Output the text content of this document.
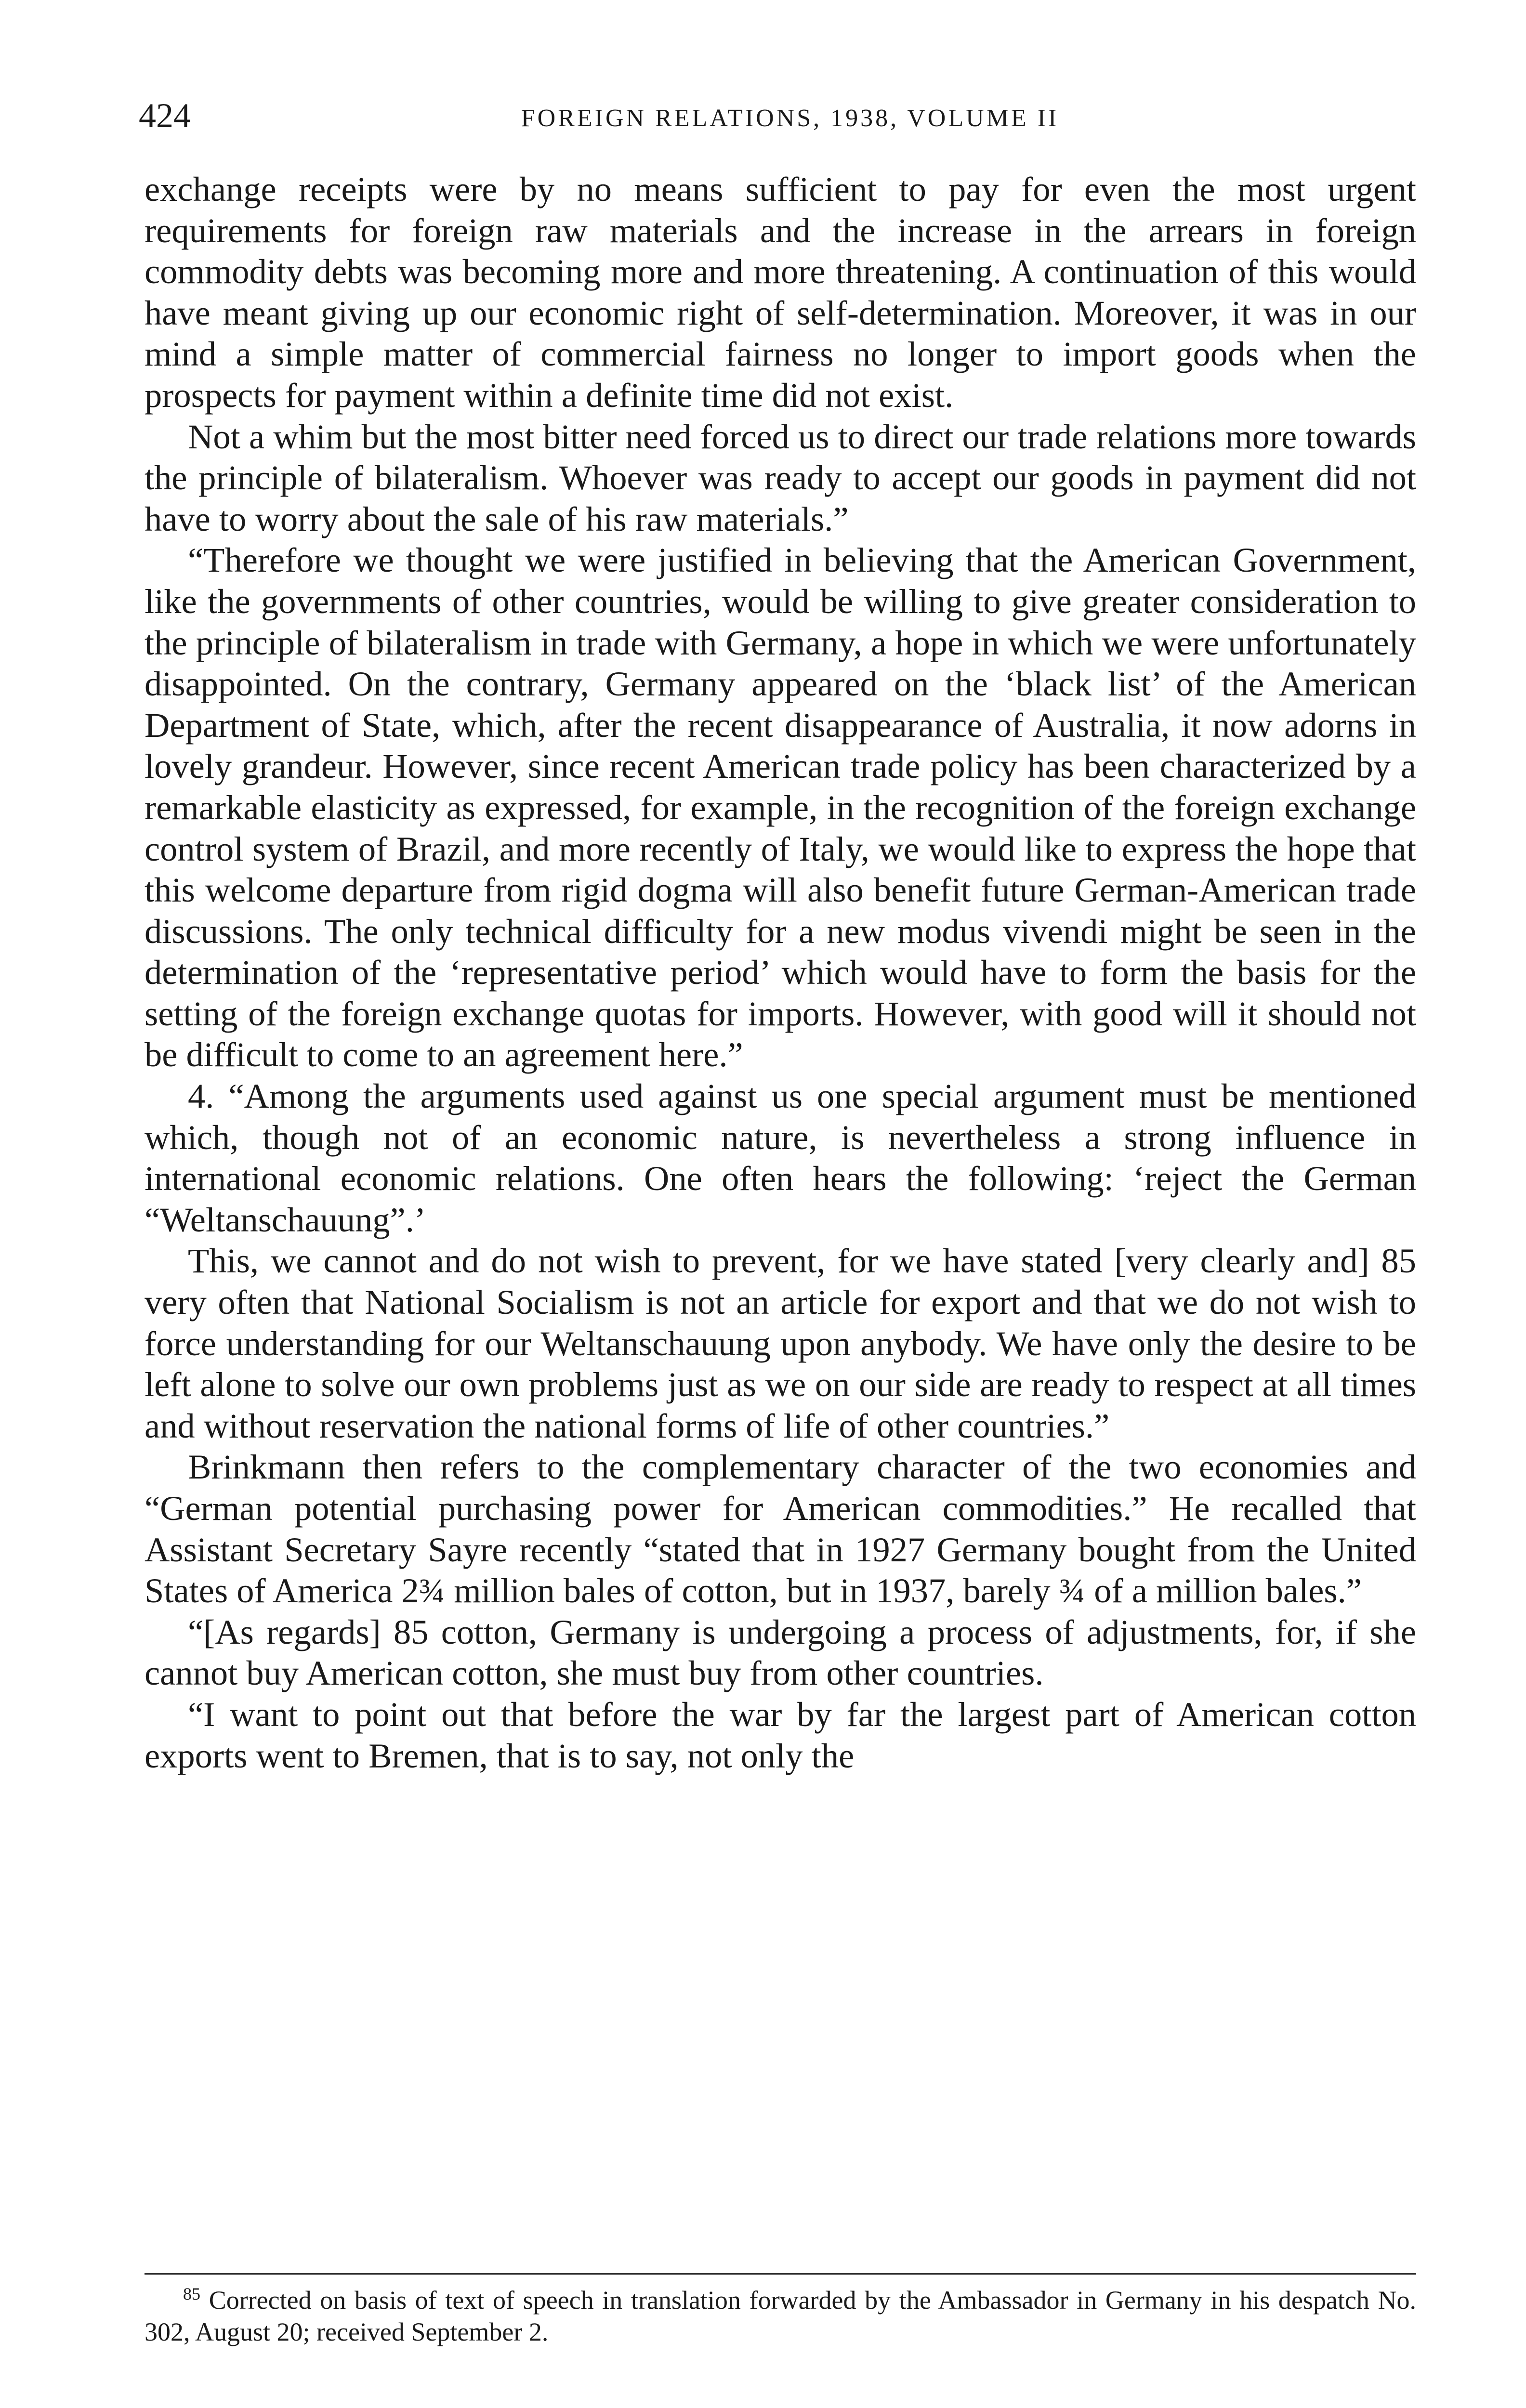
424	FOREIGN RELATIONS, 1938, VOLUME II

exchange receipts were by no means sufficient to pay for even the most urgent requirements for foreign raw materials and the increase in the arrears in foreign commodity debts was becoming more and more threatening. A continuation of this would have meant giving up our economic right of self-determination. Moreover, it was in our mind a simple matter of commercial fairness no longer to import goods when the prospects for payment within a definite time did not exist.

Not a whim but the most bitter need forced us to direct our trade relations more towards the principle of bilateralism. Whoever was ready to accept our goods in payment did not have to worry about the sale of his raw materials.”

“Therefore we thought we were justified in believing that the American Government, like the governments of other countries, would be willing to give greater consideration to the principle of bilateralism in trade with Germany, a hope in which we were unfortunately disappointed. On the contrary, Germany appeared on the ‘black list’ of the American Department of State, which, after the recent disappearance of Australia, it now adorns in lovely grandeur. However, since recent American trade policy has been characterized by a remarkable elasticity as expressed, for example, in the recognition of the foreign exchange control system of Brazil, and more recently of Italy, we would like to express the hope that this welcome departure from rigid dogma will also benefit future German-American trade discussions. The only technical difficulty for a new modus vivendi might be seen in the determination of the ‘representative period’ which would have to form the basis for the setting of the foreign exchange quotas for imports. However, with good will it should not be difficult to come to an agreement here.”

4. “Among the arguments used against us one special argument must be mentioned which, though not of an economic nature, is nevertheless a strong influence in international economic relations. One often hears the following: ‘reject the German “Weltanschauung”.’

This, we cannot and do not wish to prevent, for we have stated [very clearly and] 85 very often that National Socialism is not an article for export and that we do not wish to force understanding for our Weltanschauung upon anybody. We have only the desire to be left alone to solve our own problems just as we on our side are ready to respect at all times and without reservation the national forms of life of other countries.”

Brinkmann then refers to the complementary character of the two economies and “German potential purchasing power for American commodities.” He recalled that Assistant Secretary Sayre recently “stated that in 1927 Germany bought from the United States of America 2¾ million bales of cotton, but in 1937, barely ¾ of a million bales.”

“[As regards] 85 cotton, Germany is undergoing a process of adjustments, for, if she cannot buy American cotton, she must buy from other countries.

“I want to point out that before the war by far the largest part of American cotton exports went to Bremen, that is to say, not only the

$^{85}$ Corrected on basis of text of speech in translation forwarded by the Ambassador in Germany in his despatch No. 302, August 20; received September 2.
